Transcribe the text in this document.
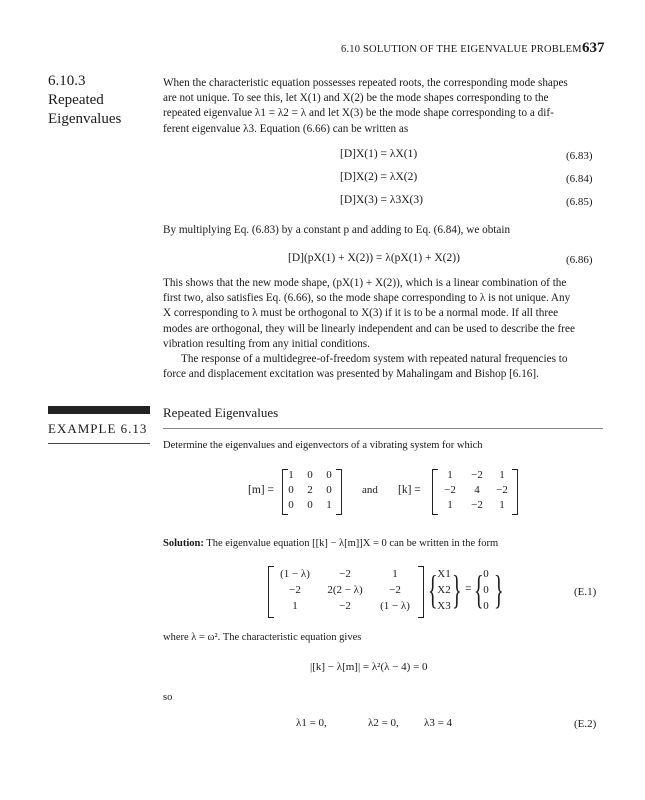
6.10 SOLUTION OF THE EIGENVALUE PROBLEM 637
6.10.3
Repeated
Eigenvalues
When the characteristic equation possesses repeated roots, the corresponding mode shapes
are not unique. To see this, let X(1) and X(2) be the mode shapes corresponding to the
repeated eigenvalue λ1 = λ2 = λ and let X(3) be the mode shape corresponding to a dif-
ferent eigenvalue λ3. Equation (6.66) can be written as
[D]X(1) = λX(1)	(6.83)
[D]X(2) = λX(2)	(6.84)
[D]X(3) = λ3X(3)	(6.85)
By multiplying Eq. (6.83) by a constant p and adding to Eq. (6.84), we obtain
[D](pX(1) + X(2)) = λ(pX(1) + X(2))	(6.86)
This shows that the new mode shape, (pX(1) + X(2)), which is a linear combination of the
first two, also satisfies Eq. (6.66), so the mode shape corresponding to λ is not unique. Any
X corresponding to λ must be orthogonal to X(3) if it is to be a normal mode. If all three
modes are orthogonal, they will be linearly independent and can be used to describe the free
vibration resulting from any initial conditions.
The response of a multidegree-of-freedom system with repeated natural frequencies to
force and displacement excitation was presented by Mahalingam and Bishop [6.16].
EXAMPLE 6.13
Repeated Eigenvalues
Determine the eigenvalues and eigenvectors of a vibrating system for which
[m] =
1	0	0
0	2	0
0	0	1
and [k] =
1	−2	1
−2	4	−2
1	−2	1
Solution: The eigenvalue equation [[k] − λ[m]]X = 0 can be written in the form
(1 − λ)	−2	1
−2	2(2 − λ)	−2
1	−2	(1 − λ) { X1
X2
X3 } = { 0
0
0 }	(E.1)
where λ = ω². The characteristic equation gives
|[k] − λ[m]| = λ²(λ − 4) = 0
so
λ1 = 0,	λ2 = 0, λ3 = 4	(E.2)
